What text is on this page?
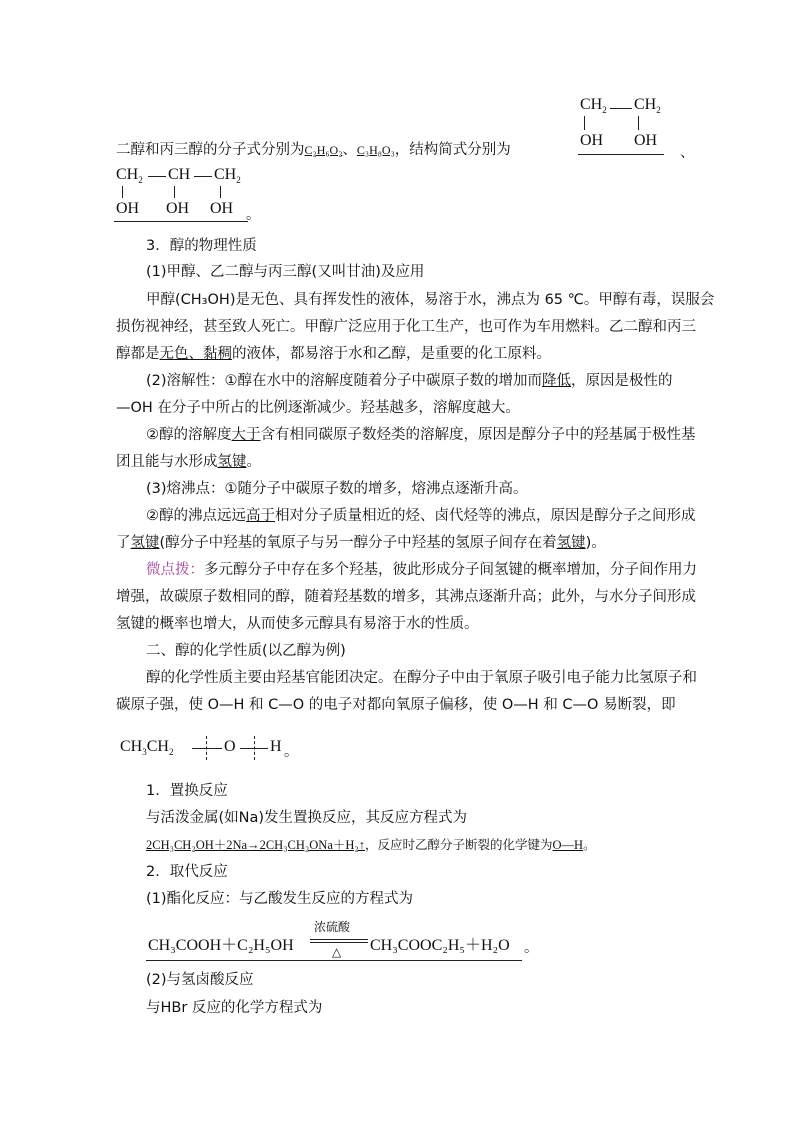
二醇和丙三醇的分子式分别为C₂H₆O₂、C₃H₈O₃，结构简式分别为
$CH_2$ $CH_2$
OH OH
、
$CH_2$ CH $CH_2$
OH OH OH 。
3．醇的物理性质
(1)甲醇、乙二醇与丙三醇(又叫甘油)及应用
甲醇(CH₃OH)是无色、具有挥发性的液体，易溶于水，沸点为 65 ℃。甲醇有毒，误服会
损伤视神经，甚至致人死亡。甲醇广泛应用于化工生产，也可作为车用燃料。乙二醇和丙三
醇都是无色、黏稠的液体，都易溶于水和乙醇，是重要的化工原料。
(2)溶解性：①醇在水中的溶解度随着分子中碳原子数的增加而降低，原因是极性的
—OH 在分子中所占的比例逐渐减少。羟基越多，溶解度越大。
②醇的溶解度大于含有相同碳原子数烃类的溶解度，原因是醇分子中的羟基属于极性基
团且能与水形成氢键。
(3)熔沸点：①随分子中碳原子数的增多，熔沸点逐渐升高。
②醇的沸点远远高于相对分子质量相近的烃、卤代烃等的沸点，原因是醇分子之间形成
了氢键(醇分子中羟基的氧原子与另一醇分子中羟基的氢原子间存在着氢键)。
微点拨：多元醇分子中存在多个羟基，彼此形成分子间氢键的概率增加，分子间作用力
增强，故碳原子数相同的醇，随着羟基数的增多，其沸点逐渐升高；此外，与水分子间形成
氢键的概率也增大，从而使多元醇具有易溶于水的性质。
二、醇的化学性质(以乙醇为例)
醇的化学性质主要由羟基官能团决定。在醇分子中由于氧原子吸引电子能力比氢原子和
碳原子强，使 O—H 和 C—O 的电子对都向氧原子偏移，使 O—H 和 C—O 易断裂，即
$CH_3CH_2$	O H 。
1．置换反应
与活泼金属(如Na)发生置换反应，其反应方程式为
2CH₃CH₂OH＋2Na→2CH₃CH₂ONa＋H₂↑，反应时乙醇分子断裂的化学键为O—H。
2．取代反应
(1)酯化反应：与乙酸发生反应的方程式为
CH₃COOH＋C₂H₅OH
浓硫酸
△ CH₃COOC₂H₅＋H₂O 。
(2)与氢卤酸反应
与HBr 反应的化学方程式为
